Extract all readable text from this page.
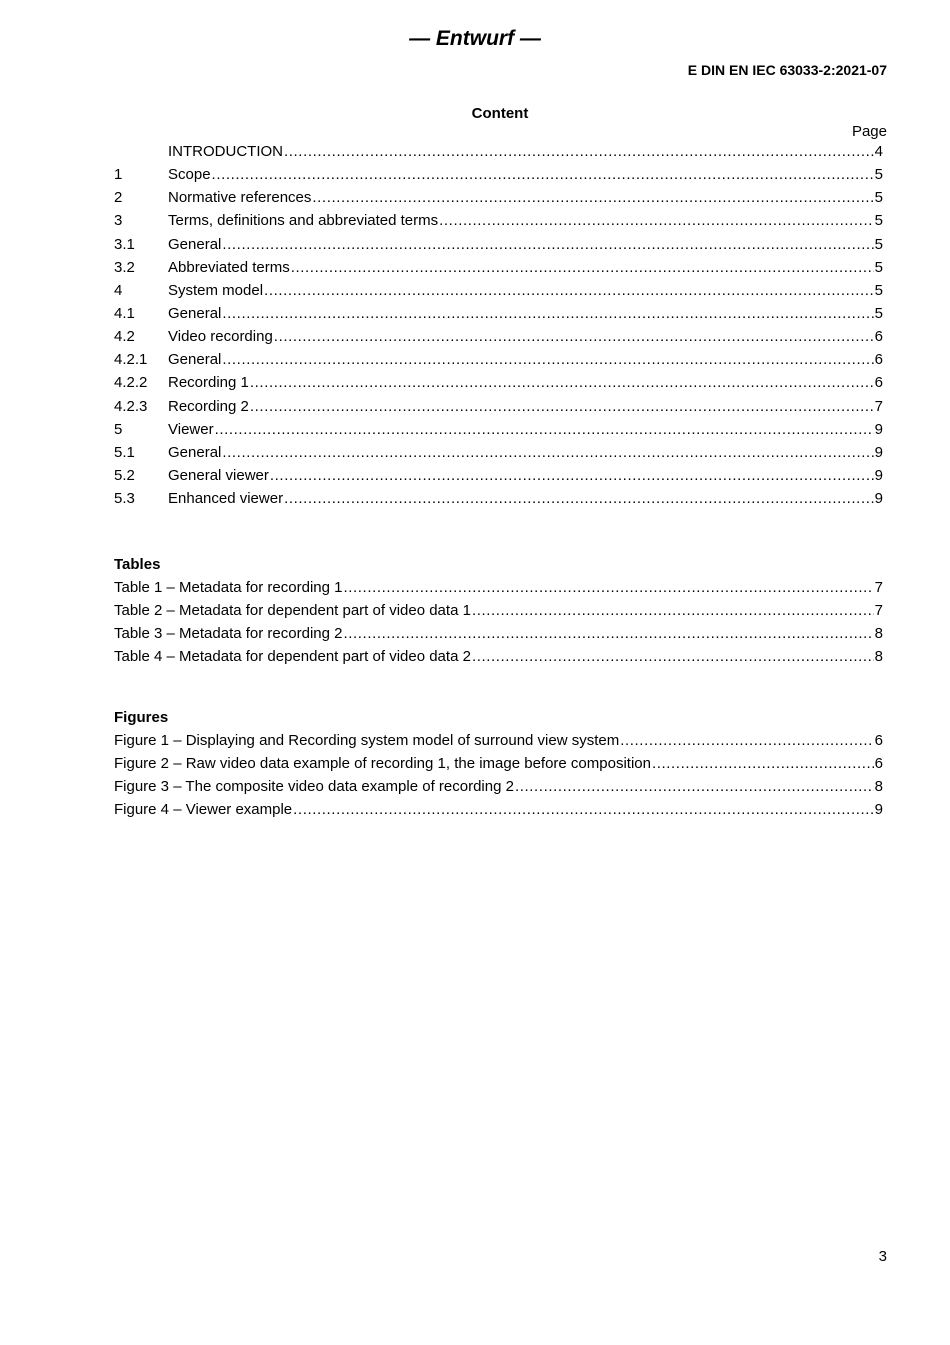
— Entwurf —
E DIN EN IEC 63033-2:2021-07
Content
Page
INTRODUCTION .....	4
1	Scope .....	5
2	Normative references .....	5
3	Terms, definitions and abbreviated terms .....	5
3.1	General .....	5
3.2	Abbreviated terms .....	5
4	System model .....	5
4.1	General .....	5
4.2	Video recording .....	6
4.2.1	General .....	6
4.2.2	Recording 1 .....	6
4.2.3	Recording 2 .....	7
5	Viewer .....	9
5.1	General .....	9
5.2	General viewer .....	9
5.3	Enhanced viewer .....	9
Tables
Table 1 – Metadata for recording 1 .....	7
Table 2 – Metadata for dependent part of video data 1 .....	7
Table 3 – Metadata for recording 2 .....	8
Table 4 – Metadata for dependent part of video data 2 .....	8
Figures
Figure 1 – Displaying and Recording system model of surround view system .....	6
Figure 2 – Raw video data example of recording 1, the image before composition .....	6
Figure 3 – The composite video data example of recording 2 .....	8
Figure 4 – Viewer example .....	9
3
